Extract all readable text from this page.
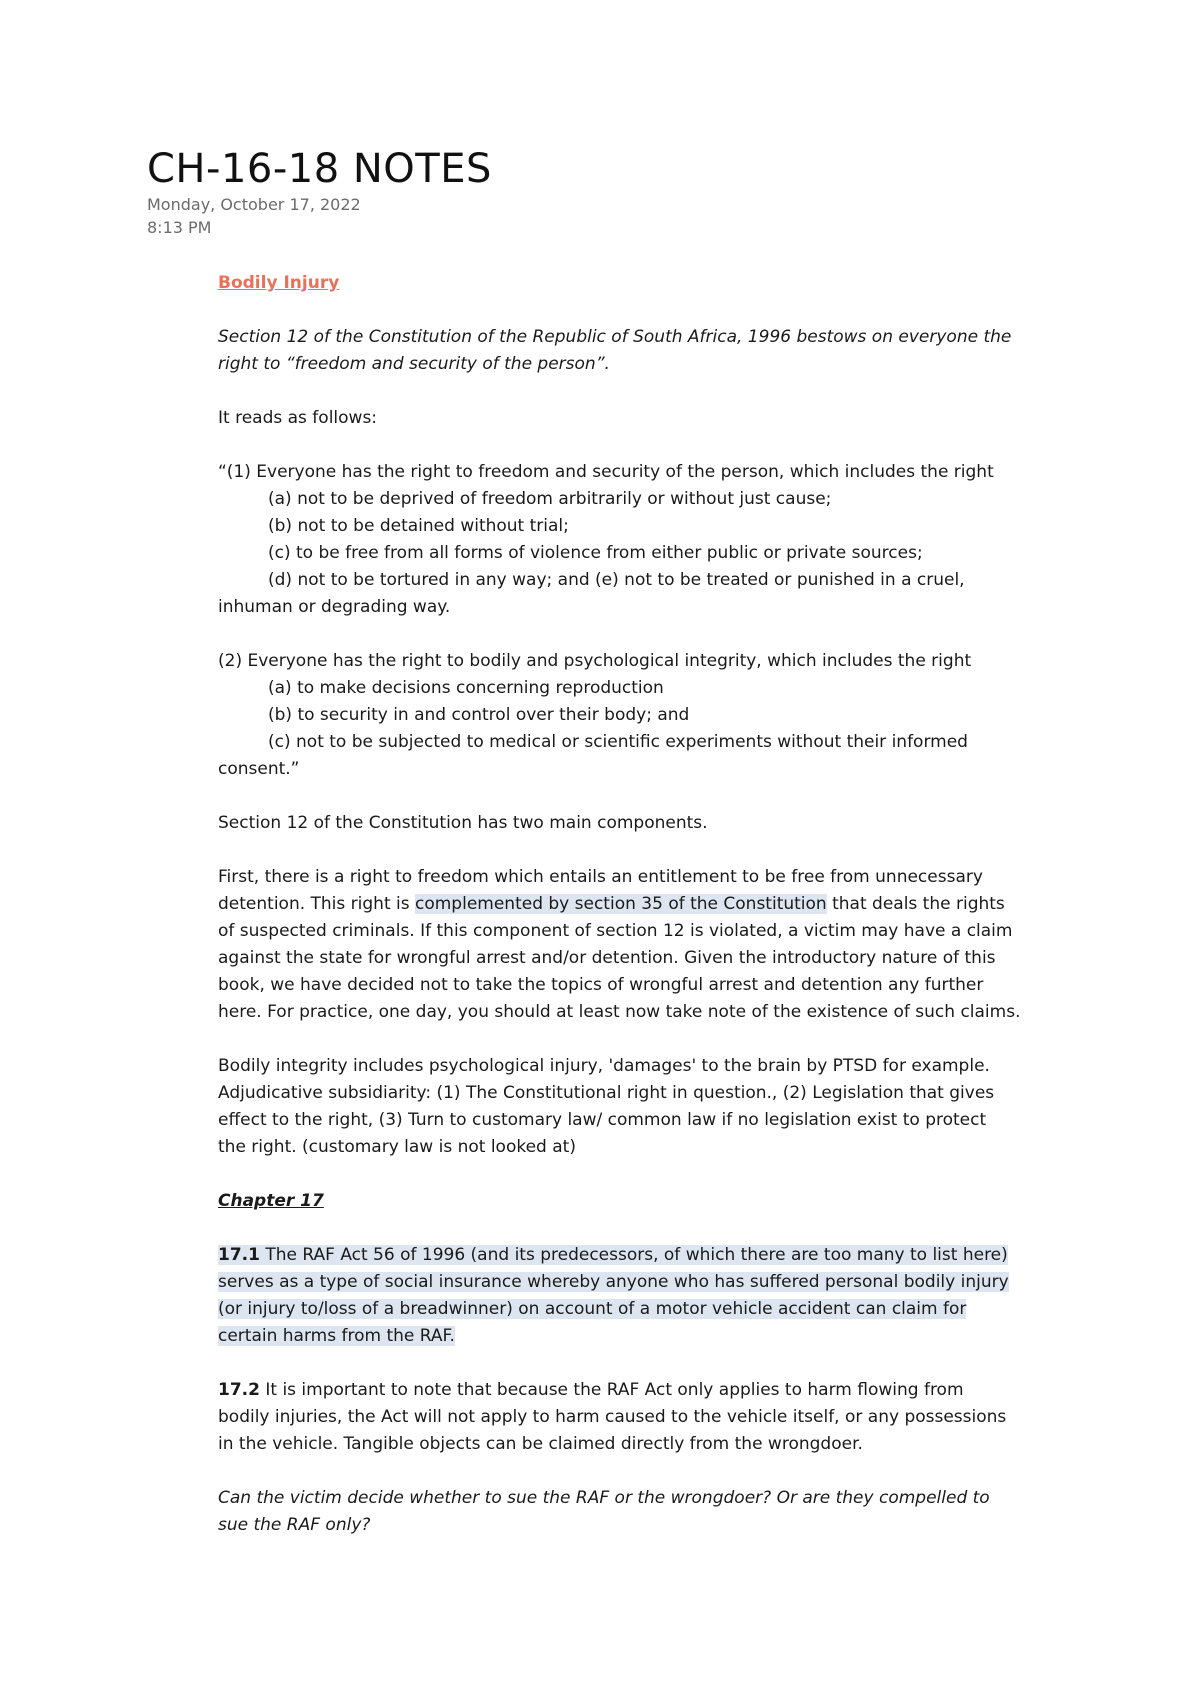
CH-16-18 NOTES
Monday, October 17, 2022
8:13 PM

Bodily Injury

Section 12 of the Constitution of the Republic of South Africa, 1996 bestows on everyone the

right to “freedom and security of the person”.

It reads as follows:

“(1) Everyone has the right to freedom and security of the person, which includes the right

(a) not to be deprived of freedom arbitrarily or without just cause;

(b) not to be detained without trial;

(c) to be free from all forms of violence from either public or private sources;

(d) not to be tortured in any way; and (e) not to be treated or punished in a cruel,

inhuman or degrading way.

(2) Everyone has the right to bodily and psychological integrity, which includes the right

(a) to make decisions concerning reproduction

(b) to security in and control over their body; and

(c) not to be subjected to medical or scientific experiments without their informed

consent.”

Section 12 of the Constitution has two main components.

First, there is a right to freedom which entails an entitlement to be free from unnecessary

detention. This right is complemented by section 35 of the Constitution that deals the rights

of suspected criminals. If this component of section 12 is violated, a victim may have a claim

against the state for wrongful arrest and/or detention. Given the introductory nature of this

book, we have decided not to take the topics of wrongful arrest and detention any further

here. For practice, one day, you should at least now take note of the existence of such claims.

Bodily integrity includes psychological injury, 'damages' to the brain by PTSD for example.

Adjudicative subsidiarity: (1) The Constitutional right in question., (2) Legislation that gives

effect to the right, (3) Turn to customary law/ common law if no legislation exist to protect

the right. (customary law is not looked at)

Chapter 17

17.1 The RAF Act 56 of 1996 (and its predecessors, of which there are too many to list here)

serves as a type of social insurance whereby anyone who has suffered personal bodily injury

(or injury to/loss of a breadwinner) on account of a motor vehicle accident can claim for

certain harms from the RAF.

17.2 It is important to note that because the RAF Act only applies to harm flowing from

bodily injuries, the Act will not apply to harm caused to the vehicle itself, or any possessions

in the vehicle. Tangible objects can be claimed directly from the wrongdoer.

Can the victim decide whether to sue the RAF or the wrongdoer? Or are they compelled to

sue the RAF only?
